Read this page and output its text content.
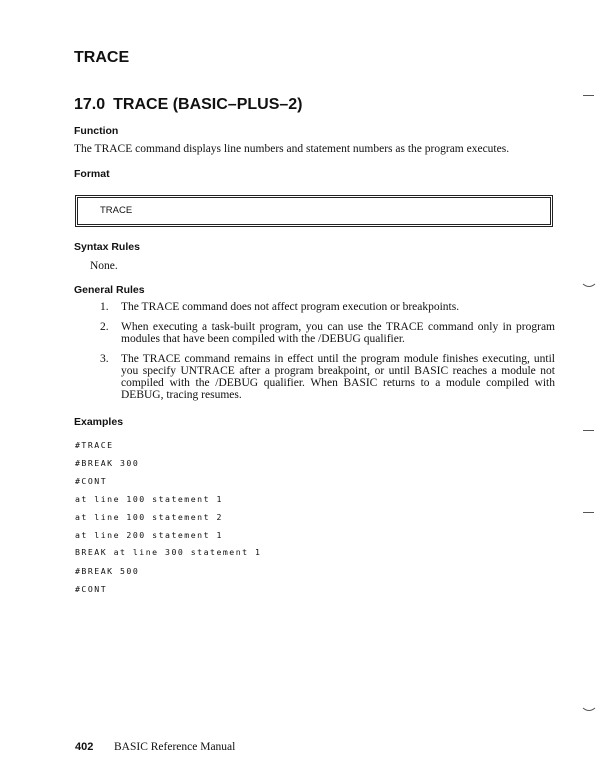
TRACE
17.0 TRACE (BASIC–PLUS–2)
Function

The TRACE command displays line numbers and statement numbers as the program executes.

Format
TRACE
Syntax Rules

None.

General Rules
1. The TRACE command does not affect program execution or breakpoints.
2. When executing a task-built program, you can use the TRACE command only in program modules that have been compiled with the /DEBUG qualifier.
3. The TRACE command remains in effect until the program module finishes executing, until you specify UNTRACE after a program breakpoint, or until BASIC reaches a module not compiled with the /DEBUG qualifier. When BASIC returns to a module compiled with DEBUG, tracing resumes.
Examples
#TRACE
#BREAK 300
#CONT
at line 100 statement 1
at line 100 statement 2
at line 200 statement 1
BREAK at line 300 statement 1
#BREAK 500
#CONT
402 BASIC Reference Manual
